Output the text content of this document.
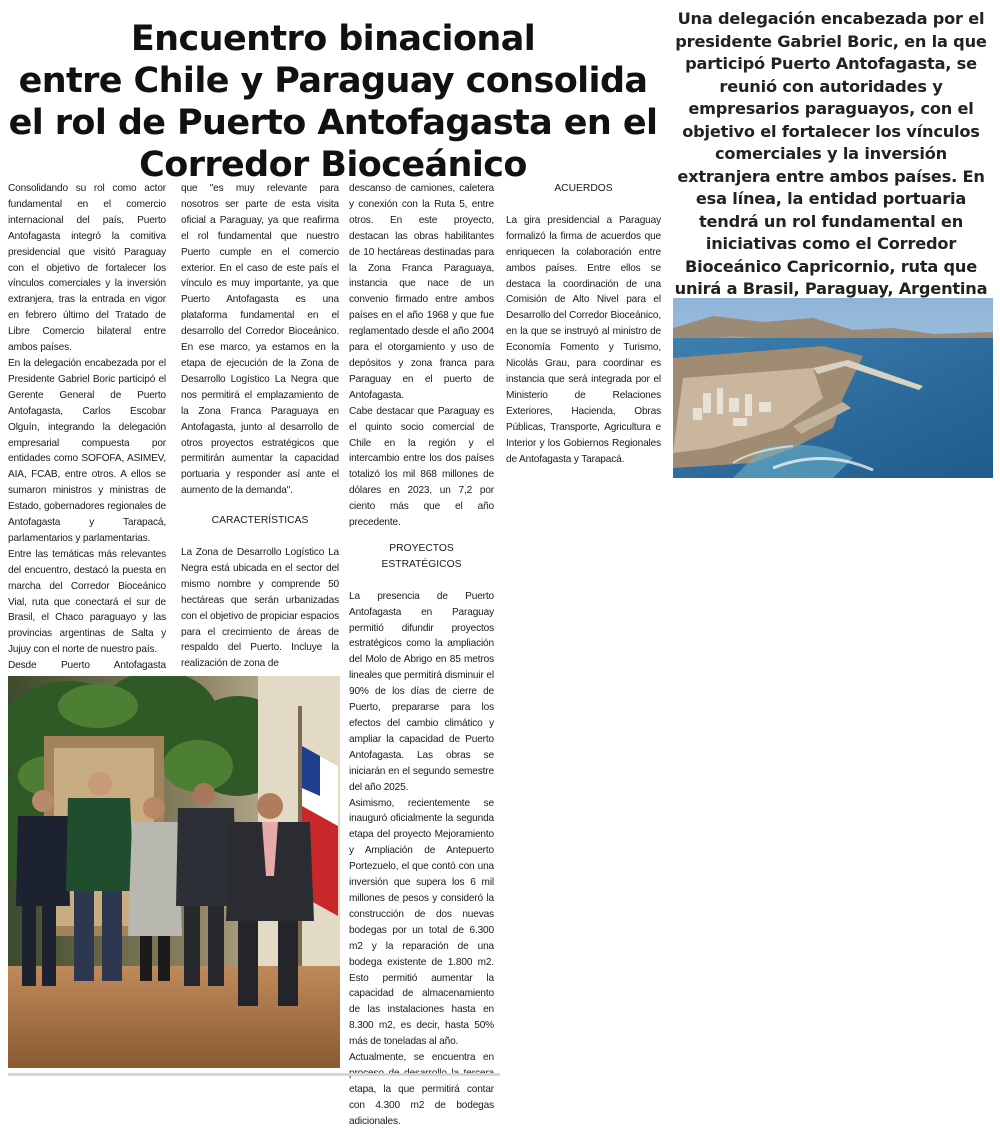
Encuentro binacional
entre Chile y Paraguay consolida
el rol de Puerto Antofagasta en el
Corredor Bioceánico
Una delegación encabezada por el presidente Gabriel Boric, en la que participó Puerto Antofagasta, se reunió con autoridades y empresarios paraguayos, con el objetivo el fortalecer los vínculos comerciales y la inversión extranjera entre ambos países. En esa línea, la entidad portuaria tendrá un rol fundamental en iniciativas como el Corredor Bioceánico Capricornio, ruta que unirá a Brasil, Paraguay, Argentina

Consolidando su rol como actor fundamental en el comercio internacional del país, Puerto Antofagasta integró la comitiva presidencial que visitó Paraguay con el objetivo de fortalecer los vínculos comerciales y la inversión extranjera, tras la entrada en vigor en febrero último del Tratado de Libre Comercio bilateral entre ambos países.

En la delegación encabezada por el Presidente Gabriel Boric participó el Gerente General de Puerto Antofagasta, Carlos Escobar Olguín, integrando la delegación empresarial compuesta por entidades como SOFOFA, ASIMEV, AIA, FCAB, entre otros. A ellos se sumaron ministros y ministras de Estado, gobernadores regionales de Antofagasta y Tarapacá, parlamentarios y parlamentarias.

Entre las temáticas más relevantes del encuentro, destacó la puesta en marcha del Corredor Bioceánico Vial, ruta que conectará el sur de Brasil, el Chaco paraguayo y las provincias argentinas de Salta y Jujuy con el norte de nuestro país.

Desde Puerto Antofagasta

que "es muy relevante para nosotros ser parte de esta visita oficial a Paraguay, ya que reafirma el rol fundamental que nuestro Puerto cumple en el comercio exterior. En el caso de este país el vínculo es muy importante, ya que Puerto Antofagasta es una plataforma fundamental en el desarrollo del Corredor Bioceánico. En ese marco, ya estamos en la etapa de ejecución de la Zona de Desarrollo Logístico La Negra que nos permitirá el emplazamiento de la Zona Franca Paraguaya en Antofagasta, junto al desarrollo de otros proyectos estratégicos que permitirán aumentar la capacidad portuaria y responder así ante el aumento de la demanda".

CARACTERÍSTICAS

La Zona de Desarrollo Logístico La Negra está ubicada en el sector del mismo nombre y comprende 50 hectáreas que serán urbanizadas con el objetivo de propiciar espacios para el crecimiento de áreas de respaldo del Puerto. Incluye la realización de zona de

descanso de camiones, caletera y conexión con la Ruta 5, entre otros. En este proyecto, destacan las obras habilitantes de 10 hectáreas destinadas para la Zona Franca Paraguaya, instancia que nace de un convenio firmado entre ambos países en el año 1968 y que fue reglamentado desde el año 2004 para el otorgamiento y uso de depósitos y zona franca para Paraguay en el puerto de Antofagasta.

Cabe destacar que Paraguay es el quinto socio comercial de Chile en la región y el intercambio entre los dos países totalizó los mil 868 millones de dólares en 2023, un 7,2 por ciento más que el año precedente.

PROYECTOS ESTRATÉGICOS

La presencia de Puerto Antofagasta en Paraguay permitió difundir proyectos estratégicos como la ampliación del Molo de Abrigo en 85 metros lineales que permitirá disminuir el 90% de los días de cierre de Puerto, prepararse para los efectos del cambio climático y ampliar la capacidad de Puerto Antofagasta. Las obras se iniciarán en el segundo semestre del año 2025.

Asimismo, recientemente se inauguró oficialmente la segunda etapa del proyecto Mejoramiento y Ampliación de Antepuerto Portezuelo, el que contó con una inversión que supera los 6 mil millones de pesos y consideró la construcción de dos nuevas bodegas por un total de 6.300 m2 y la reparación de una bodega existente de 1.800 m2. Esto permitió aumentar la capacidad de almacenamiento de las instalaciones hasta en 8.300 m2, es decir, hasta 50% más de toneladas al año.

Actualmente, se encuentra en etapa, la que permitirá contar con 4.300 m2 de bodegas adicionales.

ACUERDOS

La gira presidencial a Paraguay formalizó la firma de acuerdos que enriquecen la colaboración entre ambos países. Entre ellos se destaca la coordinación de una Comisión de Alto Nivel para el Desarrollo del Corredor Bioceánico, en la que se instruyó al ministro de Economía Fomento y Turismo, Nicolás Grau, para coordinar es instancia que será integrada por el Ministerio de Relaciones Exteriores, Hacienda, Obras Públicas, Transporte, Agricultura e Interior y los Gobiernos Regionales de Antofagasta y Tarapacá.
